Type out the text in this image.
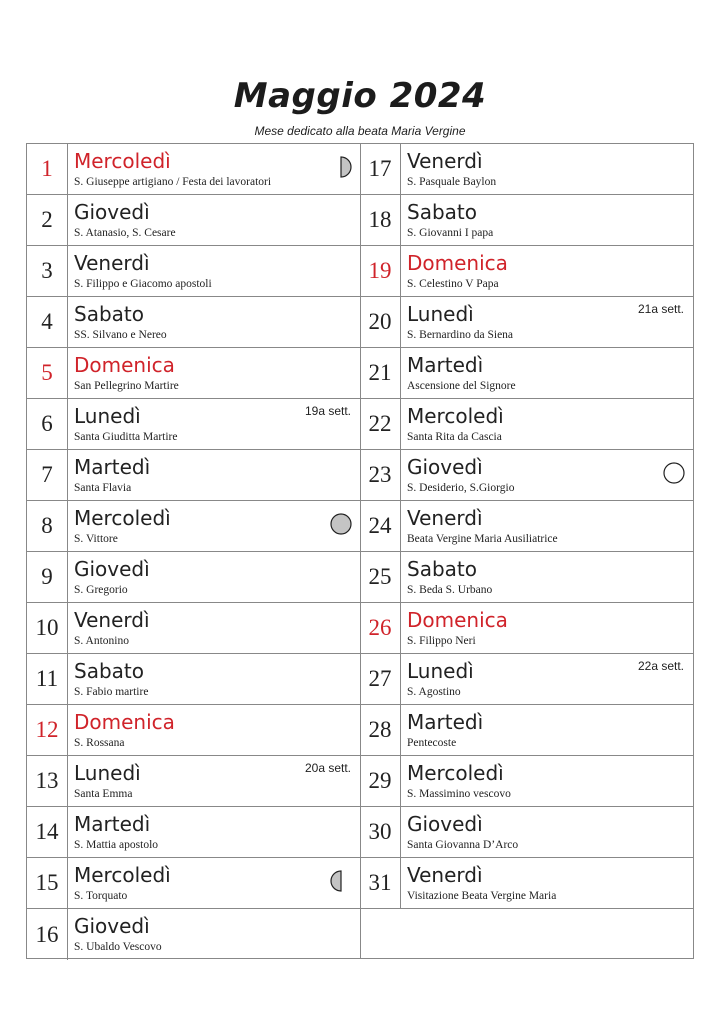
Maggio 2024
Mese dedicato alla beata Maria Vergine
1	Mercoledì
S. Giuseppe artigiano / Festa dei lavoratori
2	Giovedì
S. Atanasio, S. Cesare
3	Venerdì
S. Filippo e Giacomo apostoli
4	Sabato
SS. Silvano e Nereo
5	Domenica
San Pellegrino Martire
6	Lunedì
Santa Giuditta Martire
19a sett.
7	Martedì
Santa Flavia
8	Mercoledì
S. Vittore
9	Giovedì
S. Gregorio
10 Venerdì
S. Antonino
11 Sabato
S. Fabio martire
12 Domenica
S. Rossana
13 Lunedì
Santa Emma
20a sett.
14 Martedì
S. Mattia apostolo
15 Mercoledì
S. Torquato
16 Giovedì
S. Ubaldo Vescovo
17 Venerdì
S. Pasquale Baylon
18 Sabato
S. Giovanni I papa
19 Domenica
S. Celestino V Papa
20 Lunedì
S. Bernardino da Siena
21a sett.
21 Martedì
Ascensione del Signore
22 Mercoledì
Santa Rita da Cascia
23 Giovedì
S. Desiderio, S.Giorgio
24 Venerdì
Beata Vergine Maria Ausiliatrice
25 Sabato
S. Beda S. Urbano
26 Domenica
S. Filippo Neri
27 Lunedì
S. Agostino
22a sett.
28 Martedì
Pentecoste
29 Mercoledì
S. Massimino vescovo
30 Giovedì
Santa Giovanna D’Arco
31 Venerdì
Visitazione Beata Vergine Maria
